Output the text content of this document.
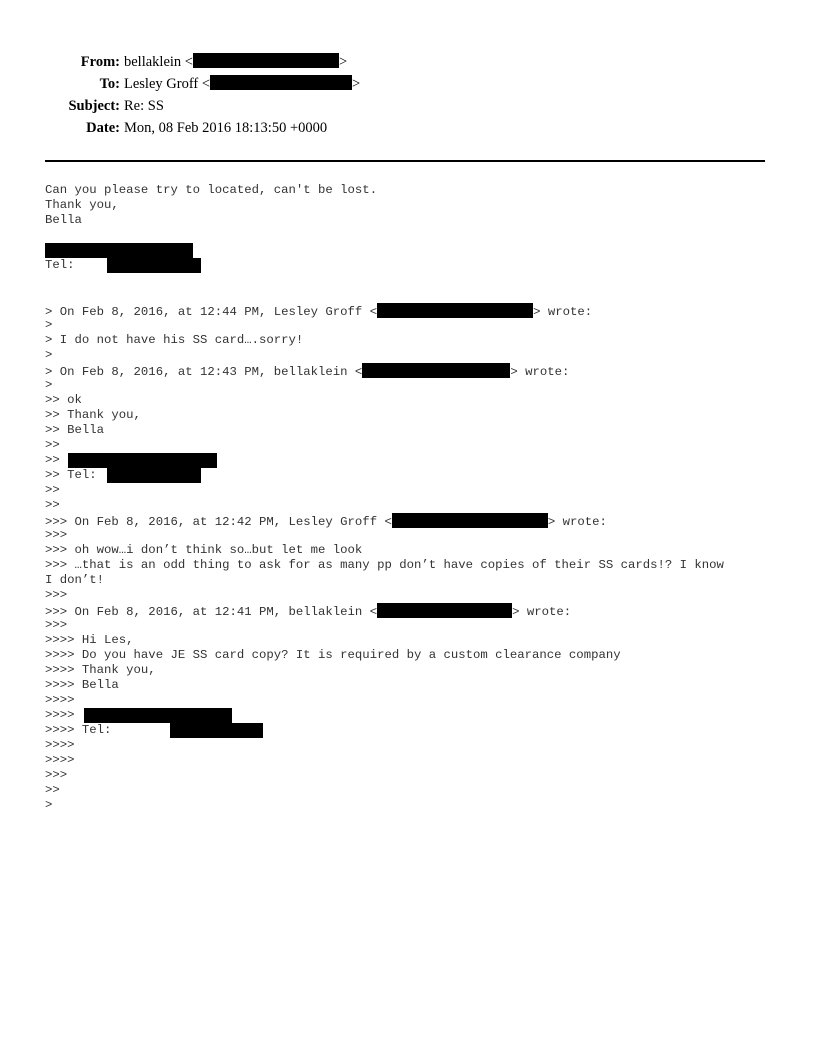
From: bellaklein <	>
To: Lesley Groff <	>
Subject: Re: SS
Date: Mon, 08 Feb 2016 18:13:50 +0000
Can you please try to located, can't be lost.
Thank you,
Bella
Tel:
> On Feb 8, 2016, at 12:44 PM, Lesley Groff <	> wrote:
>
> I do not have his SS card….sorry!
>
> On Feb 8, 2016, at 12:43 PM, bellaklein <	> wrote:
>
>> ok
>> Thank you,
>> Bella
>>
>>
>> Tel:
>>
>>
>>> On Feb 8, 2016, at 12:42 PM, Lesley Groff <	> wrote:
>>>
>>> oh wow…i don’t think so…but let me look
>>> …that is an odd thing to ask for as many pp don’t have copies of their SS cards!? I know
I don’t!
>>>
>>> On Feb 8, 2016, at 12:41 PM, bellaklein <	> wrote:
>>>
>>>> Hi Les,
>>>> Do you have JE SS card copy? It is required by a custom clearance company
>>>> Thank you,
>>>> Bella
>>>>
>>>>
>>>> Tel:
>>>>
>>>>
>>>
>>
>
